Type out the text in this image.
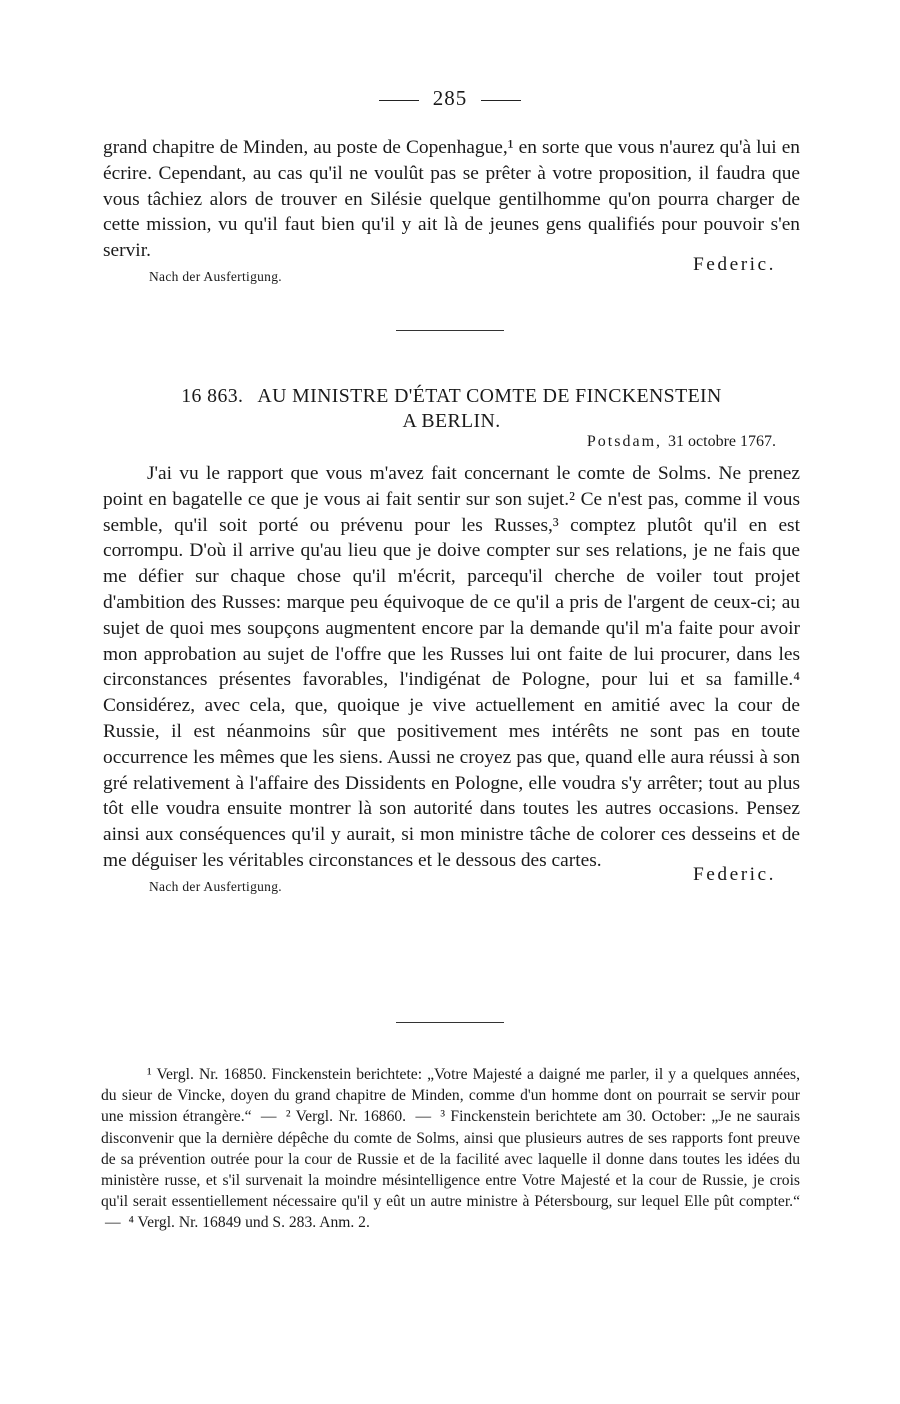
285
grand chapitre de Minden, au poste de Copenhague,¹ en sorte que vous n'aurez qu'à lui en écrire. Cependant, au cas qu'il ne voulût pas se prêter à votre proposition, il faudra que vous tâchiez alors de trouver en Silésie quelque gentilhomme qu'on pourra charger de cette mission, vu qu'il faut bien qu'il y ait là de jeunes gens qualifiés pour pouvoir s'en servir.
Nach der Ausfertigung.
Federic.
16 863. AU MINISTRE D'ÉTAT COMTE DE FINCKENSTEIN
A BERLIN.
Potsdam, 31 octobre 1767.

J'ai vu le rapport que vous m'avez fait concernant le comte de Solms. Ne prenez point en bagatelle ce que je vous ai fait sentir sur son sujet.² Ce n'est pas, comme il vous semble, qu'il soit porté ou prévenu pour les Russes,³ comptez plutôt qu'il en est corrompu. D'où il arrive qu'au lieu que je doive compter sur ses relations, je ne fais que me défier sur chaque chose qu'il m'écrit, parcequ'il cherche de voiler tout projet d'ambition des Russes: marque peu équivoque de ce qu'il a pris de l'argent de ceux-ci; au sujet de quoi mes soupçons augmentent encore par la demande qu'il m'a faite pour avoir mon approbation au sujet de l'offre que les Russes lui ont faite de lui procurer, dans les circonstances présentes favorables, l'indigénat de Pologne, pour lui et sa famille.⁴ Considérez, avec cela, que, quoique je vive actuellement en amitié avec la cour de Russie, il est néanmoins sûr que positivement mes intérêts ne sont pas en toute occurrence les mêmes que les siens. Aussi ne croyez pas que, quand elle aura réussi à son gré relativement à l'affaire des Dissidents en Pologne, elle voudra s'y arrêter; tout au plus tôt elle voudra ensuite montrer là son autorité dans toutes les autres occasions. Pensez ainsi aux conséquences qu'il y aurait, si mon ministre tâche de colorer ces desseins et de me déguiser les véritables circonstances et le dessous des cartes.

Nach der Ausfertigung.
Federic.

¹ Vergl. Nr. 16850. Finckenstein berichtete: „Votre Majesté a daigné me parler, il y a quelques années, du sieur de Vincke, doyen du grand chapitre de Minden, comme d'un homme dont on pourrait se servir pour une mission étrangère.“ — ² Vergl. Nr. 16860. — ³ Finckenstein berichtete am 30. October: „Je ne saurais disconvenir que la dernière dépêche du comte de Solms, ainsi que plusieurs autres de ses rapports font preuve de sa prévention outrée pour la cour de Russie et de la facilité avec laquelle il donne dans toutes les idées du ministère russe, et s'il survenait la moindre mésintelligence entre Votre Majesté et la cour de Russie, je crois qu'il serait essentiellement nécessaire qu'il y eût un autre ministre à Pétersbourg, sur lequel Elle pût compter.“ — ⁴ Vergl. Nr. 16849 und S. 283. Anm. 2.
